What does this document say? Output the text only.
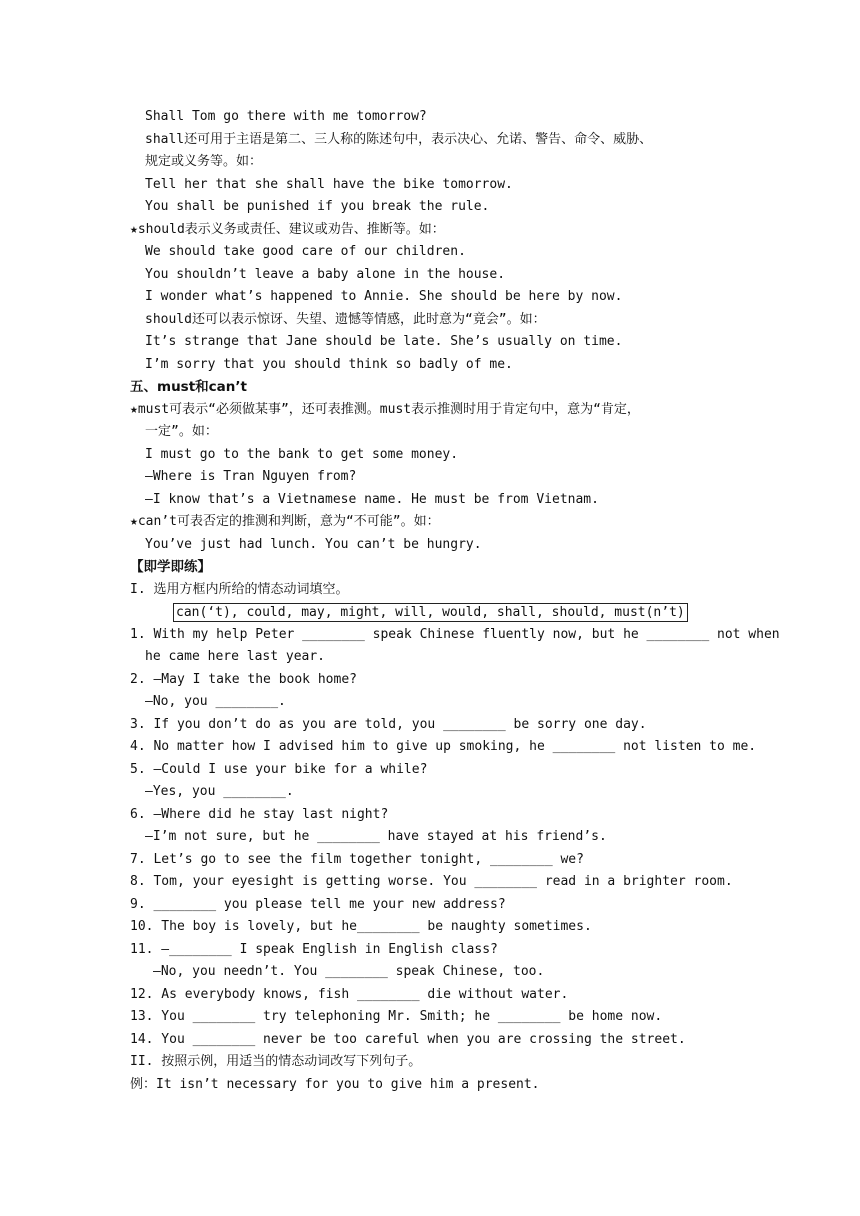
Shall Tom go there with me tomorrow?
shall还可用于主语是第二、三人称的陈述句中，表示决心、允诺、警告、命令、威胁、
规定或义务等。如：
Tell her that she shall have the bike tomorrow.
You shall be punished if you break the rule.
★should表示义务或责任、建议或劝告、推断等。如：
We should take good care of our children.
You shouldn’t leave a baby alone in the house.
I wonder what’s happened to Annie. She should be here by now.
should还可以表示惊讶、失望、遗憾等情感，此时意为“竟会”。如：
It’s strange that Jane should be late. She’s usually on time.
I’m sorry that you should think so badly of me.
五、must和can’t
★must可表示“必须做某事”，还可表推测。must表示推测时用于肯定句中，意为“肯定，
一定”。如：
I must go to the bank to get some money.
—Where is Tran Nguyen from?
—I know that’s a Vietnamese name. He must be from Vietnam.
★can’t可表否定的推测和判断，意为“不可能”。如：
You’ve just had lunch. You can’t be hungry.
【即学即练】
I. 选用方框内所给的情态动词填空。
can(‘t), could, may, might, will, would, shall, should, must(n’t)
1. With my help Peter ________ speak Chinese fluently now, but he ________ not when
he came here last year.
2. —May I take the book home?
—No, you ________.
3. If you don’t do as you are told, you ________ be sorry one day.
4. No matter how I advised him to give up smoking, he ________ not listen to me.
5. —Could I use your bike for a while?
—Yes, you ________.
6. —Where did he stay last night?
—I’m not sure, but he ________ have stayed at his friend’s.
7. Let’s go to see the film together tonight, ________ we?
8. Tom, your eyesight is getting worse. You ________ read in a brighter room.
9. ________ you please tell me your new address?
10. The boy is lovely, but he________ be naughty sometimes.
11. —________ I speak English in English class?
—No, you needn’t. You ________ speak Chinese, too.
12. As everybody knows, fish ________ die without water.
13. You ________ try telephoning Mr. Smith; he ________ be home now.
14. You ________ never be too careful when you are crossing the street.
II. 按照示例，用适当的情态动词改写下列句子。
例：It isn’t necessary for you to give him a present.
